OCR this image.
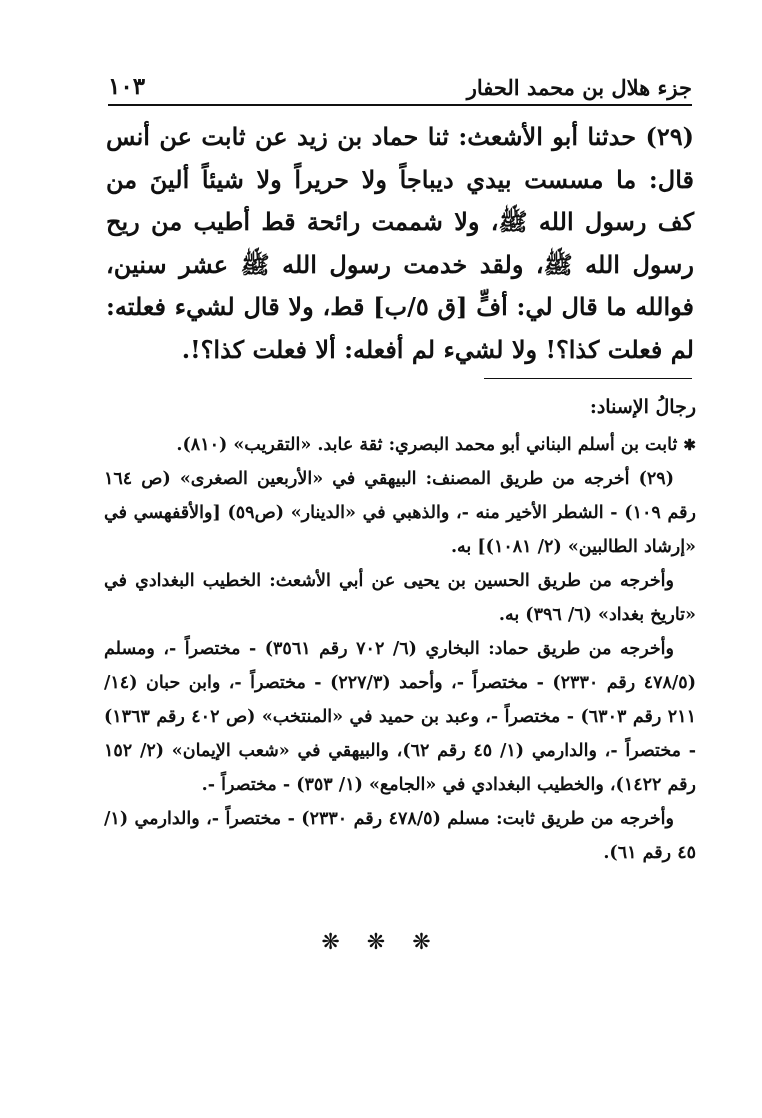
جزء هلال بن محمد الحفار
١٠٣

(٢٩) حدثنا أبو الأشعث: ثنا حماد بن زيد عن ثابت عن أنس قال: ما مسست بيدي ديباجاً ولا حريراً ولا شيئاً ألينَ من كف رسول الله ﷺ، ولا شممت رائحة قط أطيب من ريح رسول الله ﷺ، ولقد خدمت رسول الله ﷺ عشر سنين، فوالله ما قال لي: أفٍّ [ق ٥/ب] قط، ولا قال لشيء فعلته: لم فعلت كذا؟! ولا لشيء لم أفعله: ألا فعلت كذا؟!.

رجالُ الإسناد:

✱ ثابت بن أسلم البناني أبو محمد البصري: ثقة عابد. «التقريب» (٨١٠).

(٢٩) أخرجه من طريق المصنف: البيهقي في «الأربعين الصغرى» (ص ١٦٤ رقم ١٠٩) - الشطر الأخير منه -، والذهبي في «الدينار» (ص٥٩) [والأقفهسي في «إرشاد الطالبين» (٢/ ١٠٨١)] به.

وأخرجه من طريق الحسين بن يحيى عن أبي الأشعث: الخطيب البغدادي في «تاريخ بغداد» (٦/ ٣٩٦) به.

وأخرجه من طريق حماد: البخاري (٦/ ٧٠٢ رقم ٣٥٦١) - مختصراً -، ومسلم (٤٧٨/٥ رقم ٢٣٣٠) - مختصراً -، وأحمد (٢٢٧/٣) - مختصراً -، وابن حبان (١٤/ ٢١١ رقم ٦٣٠٣) - مختصراً -، وعبد بن حميد في «المنتخب» (ص ٤٠٢ رقم ١٣٦٣) - مختصراً -، والدارمي (١/ ٤٥ رقم ٦٢)، والبيهقي في «شعب الإيمان» (٢/ ١٥٢ رقم ١٤٢٢)، والخطيب البغدادي في «الجامع» (١/ ٣٥٣) - مختصراً -.

وأخرجه من طريق ثابت: مسلم (٤٧٨/٥ رقم ٢٣٣٠) - مختصراً -، والدارمي (١/ ٤٥ رقم ٦١).

❋ ❋ ❋
